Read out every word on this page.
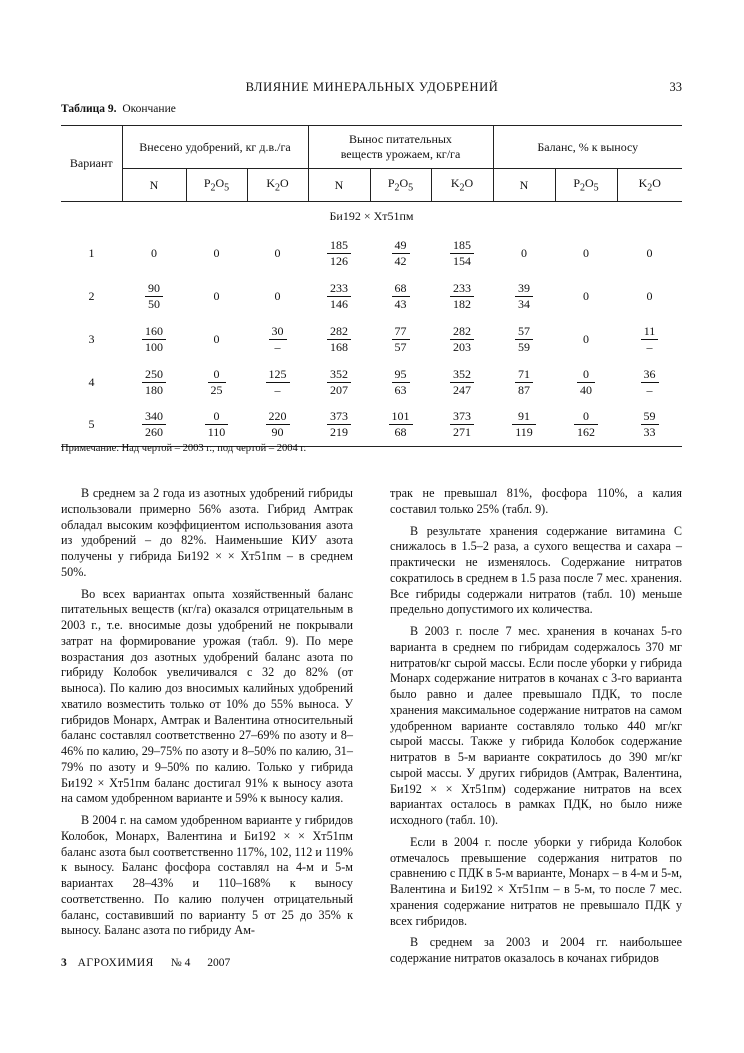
ВЛИЯНИЕ МИНЕРАЛЬНЫХ УДОБРЕНИЙ	33
Таблица 9. Окончание
Вариант	Внесено удобрений, кг д.в./га			Вынос питательных веществ урожаем, кг/га			Баланс, % к выносу		
	N	$P_2O_5$	$K_2O$	N	$P_2O_5$	$K_2O$	N	$P_2O_5$	$K_2O$
Би192 × Хт51пм									
1	0	0	0	$\frac{185}{126}$	$\frac{49}{42}$	$\frac{185}{154}$	0	0	0
2	$\frac{90}{50}$	0	0	$\frac{233}{146}$	$\frac{68}{43}$	$\frac{233}{182}$	$\frac{39}{34}$	0	0
3	$\frac{160}{100}$	0	$\frac{30}{-}$	$\frac{282}{168}$	$\frac{77}{57}$	$\frac{282}{203}$	$\frac{57}{59}$	0	$\frac{11}{-}$

4	$\frac{250}{180}$	$\frac{0}{25}$	$\frac{125}{-}$	$\frac{352}{207}$	$\frac{95}{63}$	$\frac{352}{247}$	$\frac{71}{87}$	$\frac{0}{40}$	$\frac{36}{-}$

5	$\frac{340}{260}$	$\frac{0}{110}$	$\frac{220}{90}$	$\frac{373}{219}$	$\frac{101}{68}$	$\frac{373}{271}$	$\frac{91}{119}$	$\frac{0}{162}$	$\frac{59}{33}$
Примечание. Над чертой – 2003 г., под чертой – 2004 г.

В среднем за 2 года из азотных удобрений гибриды использовали примерно 56% азота. Гибрид Амтрак обладал высоким коэффициентом использования азота из удобрений – до 82%. Наименьшие КИУ азота получены у гибрида Би192 × × Хт51пм – в среднем 50%.

Во всех вариантах опыта хозяйственный баланс питательных веществ (кг/га) оказался отрицательным в 2003 г., т.е. вносимые дозы удобрений не покрывали затрат на формирование урожая (табл. 9). По мере возрастания доз азотных удобрений баланс азота по гибриду Колобок увеличивался с 32 до 82% (от выноса). По калию доз вносимых калийных удобрений хватило возместить только от 10% до 55% выноса. У гибридов Монарх, Амтрак и Валентина относительный баланс составлял соответственно 27–69% по азоту и 8–46% по калию, 29–75% по азоту и 8–50% по калию, 31–79% по азоту и 9–50% по калию. Только у гибрида Би192 × Хт51пм баланс достигал 91% к выносу азота на самом удобренном варианте и 59% к выносу калия.

В 2004 г. на самом удобренном варианте у гибридов Колобок, Монарх, Валентина и Би192 × × Хт51пм баланс азота был соответственно 117%, 102, 112 и 119% к выносу. Баланс фосфора составлял на 4-м и 5-м вариантах 28–43% и 110–168% к выносу соответственно. По калию получен отрицательный баланс, составивший по варианту 5 от 25 до 35% к выносу. Баланс азота по гибриду Ам-

трак не превышал 81%, фосфора 110%, а калия составил только 25% (табл. 9).

В результате хранения содержание витамина С снижалось в 1.5–2 раза, а сухого вещества и сахара – практически не изменялось. Содержание нитратов сократилось в среднем в 1.5 раза после 7 мес. хранения. Все гибриды содержали нитратов (табл. 10) меньше предельно допустимого их количества.

В 2003 г. после 7 мес. хранения в кочанах 5-го варианта в среднем по гибридам содержалось 370 мг нитратов/кг сырой массы. Если после уборки у гибрида Монарх содержание нитратов в кочанах с 3-го варианта было равно и далее превышало ПДК, то после хранения максимальное содержание нитратов на самом удобренном варианте составляло только 440 мг/кг сырой массы. Также у гибрида Колобок содержание нитратов в 5-м варианте сократилось до 390 мг/кг сырой массы. У других гибридов (Амтрак, Валентина, Би192 × × Хт51пм) содержание нитратов на всех вариантах осталось в рамках ПДК, но было ниже исходного (табл. 10).

Если в 2004 г. после уборки у гибрида Колобок отмечалось превышение содержания нитратов по сравнению с ПДК в 5-м варианте, Монарх – в 4-м и 5-м, Валентина и Би192 × Хт51пм – в 5-м, то после 7 мес. хранения содержание нитратов не превышало ПДК у всех гибридов.

В среднем за 2003 и 2004 гг. наибольшее содержание нитратов оказалось в кочанах гибридов

3 АГРОХИМИЯ № 4 2007
